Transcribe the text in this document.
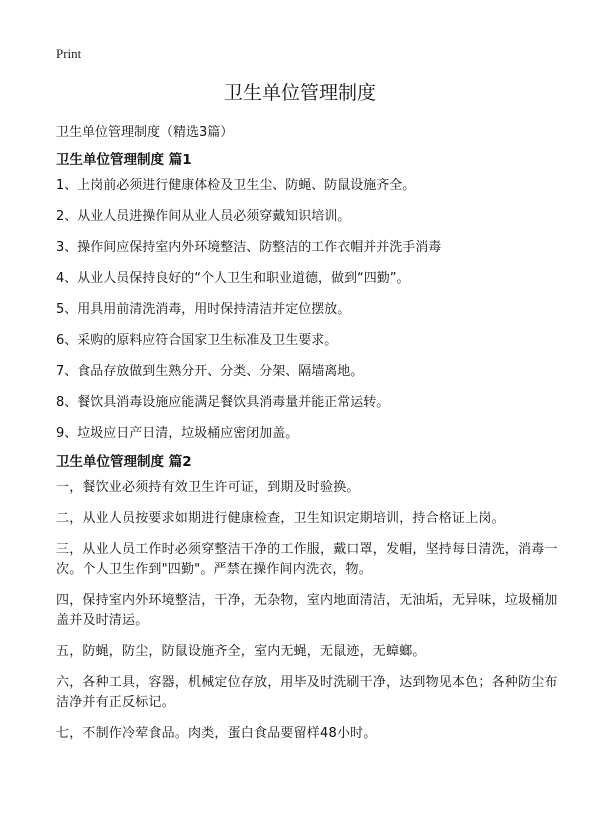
Print
卫生单位管理制度
卫生单位管理制度（精选3篇）

卫生单位管理制度 篇1

1、上岗前必须进行健康体检及卫生尘、防蝇、防鼠设施齐全。

2、从业人员进操作间从业人员必须穿戴知识培训。

3、操作间应保持室内外环境整洁、防整洁的工作衣帽并并洗手消毒

4、从业人员保持良好的“个人卫生和职业道德，做到“四勤”。

5、用具用前清洗消毒，用时保持清洁并定位摆放。

6、采购的原料应符合国家卫生标准及卫生要求。

7、食品存放做到生熟分开、分类、分架、隔墙离地。

8、餐饮具消毒设施应能满足餐饮具消毒量并能正常运转。

9、垃圾应日产日清，垃圾桶应密闭加盖。

卫生单位管理制度 篇2

一，餐饮业必须持有效卫生许可证，到期及时验换。

二，从业人员按要求如期进行健康检查，卫生知识定期培训，持合格证上岗。

三，从业人员工作时必须穿整洁干净的工作服，戴口罩，发帽，坚持每日清洗，消毒一次。个人卫生作到"四勤"。严禁在操作间内洗衣，物。

四，保持室内外环境整洁，干净，无杂物，室内地面清洁，无油垢，无异味，垃圾桶加盖并及时清运。

五，防蝇，防尘，防鼠设施齐全，室内无蝇，无鼠迹，无蟑螂。

六，各种工具，容器，机械定位存放，用毕及时洗刷干净，达到物见本色；各种防尘布洁净并有正反标记。

七，不制作冷荤食品。肉类，蛋白食品要留样48小时。
